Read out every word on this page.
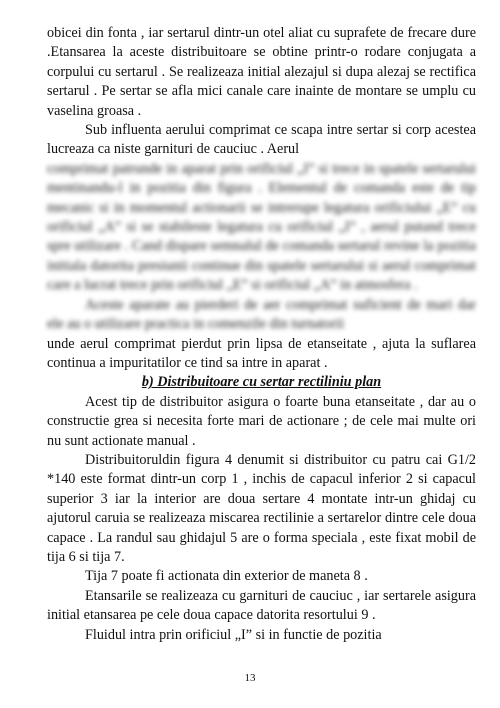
obicei din fonta , iar sertarul dintr-un otel aliat cu suprafete de frecare dure .Etansarea la aceste distribuitoare se obtine printr-o rodare conjugata a corpului cu sertarul . Se realizeaza initial alezajul si dupa alezaj se rectifica sertarul . Pe sertar se afla mici canale care inainte de montare se umplu cu vaselina groasa .

Sub influenta aerului comprimat ce scapa intre sertar si corp acestea lucreaza ca niste garnituri de cauciuc . Aerul

comprimat patrunde in aparat prin orificiul „I” si trece in spatele sertarului mentinandu-l in pozitia din figura . Elementul de comanda este de tip mecanic si in momentul actionarii se intrerupe legatura orificiului „E” cu orificiul „A” si se stabileste legatura cu orificiul „I” , aerul putand trece spre utilizare . Cand dispare semnalul de comanda sertarul revine la pozitia initiala datorita presiunii continue din spatele sertarului si aerul comprimat care a lucrat trece prin orificiul „E” si orificiul „A” in atmosfera .

Aceste aparate au pierderi de aer comprimat suficient de mari dar ele au o utilizare practica in comenzile din turnatorii

unde aerul comprimat pierdut prin lipsa de etanseitate , ajuta la suflarea continua a impuritatilor ce tind sa intre in aparat .

b) Distribuitoare cu sertar rectiliniu plan

Acest tip de distribuitor asigura o foarte buna etanseitate , dar au o constructie grea si necesita forte mari de actionare ; de cele mai multe ori nu sunt actionate manual .

Distribuitoruldin figura 4 denumit si distribuitor cu patru cai G1/2 *140 este format dintr-un corp 1 , inchis de capacul inferior 2 si capacul superior 3 iar la interior are doua sertare 4 montate intr-un ghidaj cu ajutorul caruia se realizeaza miscarea rectilinie a sertarelor dintre cele doua capace . La randul sau ghidajul 5 are o forma speciala , este fixat mobil de tija 6 si tija 7.

Tija 7 poate fi actionata din exterior de maneta 8 .

Etansarile se realizeaza cu garnituri de cauciuc , iar sertarele asigura initial etansarea pe cele doua capace datorita resortului 9 .

Fluidul intra prin orificiul „I” si in functie de pozitia

13
